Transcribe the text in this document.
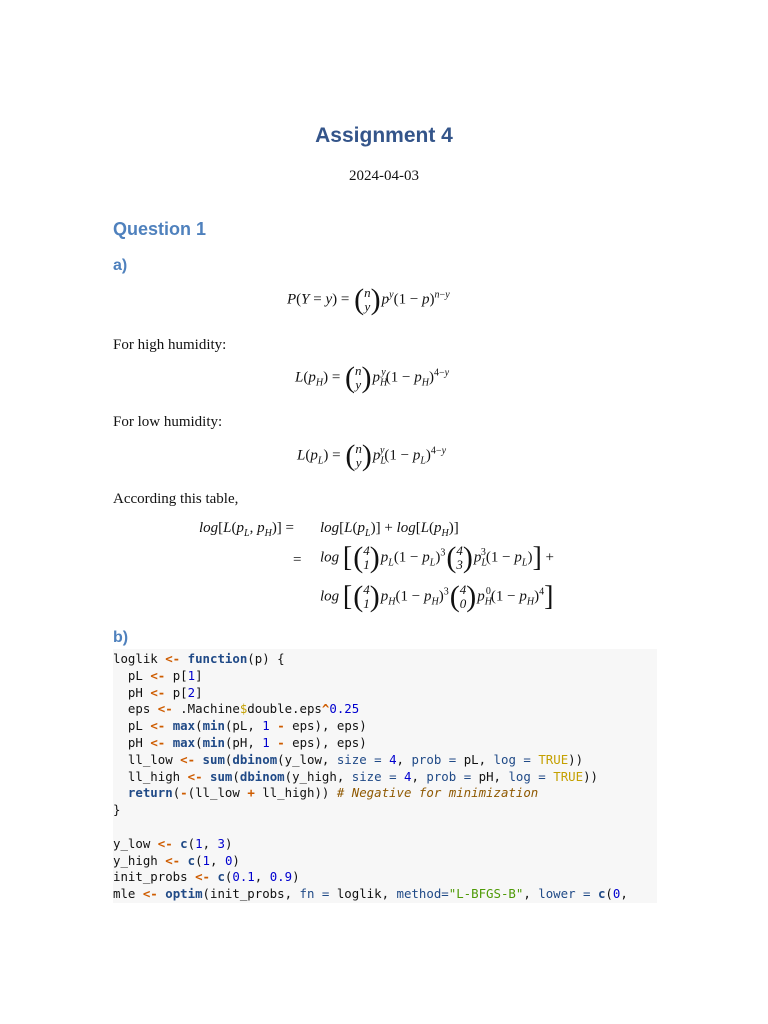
Assignment 4
2024-04-03
Question 1
a)
P(Y = y) = (n
$y)p^y(1 - p)^{n-y}$
For high humidity:
$L(p_H) = (n$
$y)p_H^y(1 - p_H)^{4-y}$
For low humidity:
$L(p_L) = (n$
$y)p_L^y(1 - p_L)^{4-y}$
According this table,
$\log[L(p_L$, $p_H)] = \log[L(p_L)] + \log[L(p_H)]$
= log [(4
$1)p_L(1 - p_L)^3(4$
$3)p_L^3(1 - p_L)$] +
log [(4
$1)p_H(1 - p_H)^3(4$
$0)p_H^0(1 - p_H)^4$]
b)
loglik <- function(p) {
pL <- p[1]
pH <- p[2]
eps <- .Machine$double.eps^0.25
pL <- max(min(pL, 1 - eps), eps)
pH <- max(min(pH, 1 - eps), eps)
ll_low <- sum(dbinom(y_low, size = 4, prob = pL, log = TRUE))
ll_high <- sum(dbinom(y_high, size = 4, prob = pH, log = TRUE))
return(-(ll_low + ll_high)) # Negative for minimization
}

y_low <- c(1, 3)
y_high <- c(1, 0)
init_probs <- c(0.1, 0.9)
mle <- optim(init_probs, fn = loglik, method="L-BFGS-B", lower = c(0,
